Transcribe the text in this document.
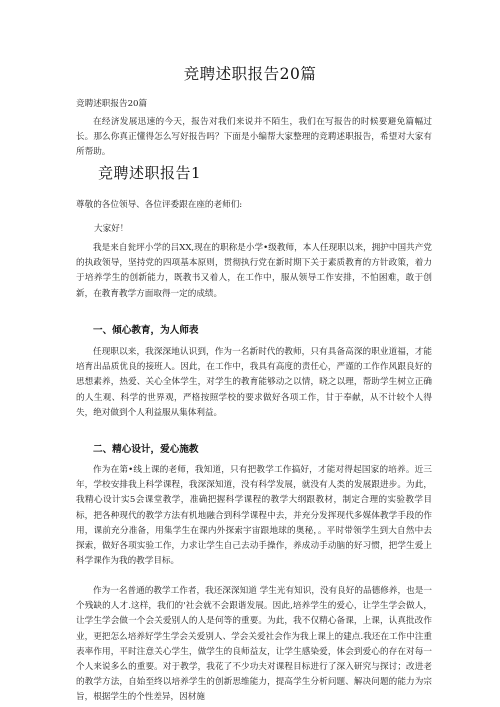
竞聘述职报告20篇
竞聘述职报告20篇
在经济发展迅速的今天，报告对我们来说并不陌生，我们在写报告的时候要避免篇幅过长。那么你真正懂得怎么写好报告吗？下面是小编帮大家整理的竞聘述职报告，希望对大家有所帮助。
竞聘述职报告1
尊敬的各位领导、各位评委跟在座的老师们:
大家好！
我是来自瓮坪小学的吕XX,现在的职称是小学•级教师，本人任现职以来，拥护中国共产党的执政领导，坚持党的四项基本原则，贯彻执行党在新时期下关于素质教育的方针政策，着力于培养学生的创新能力，既教书又着人，在工作中，服从领导工作安排，不怕困难，敢于创新，在教育教学方面取得一定的成绩。
一、倾心教育，为人师表
任现职以来，我深深地认识到，作为一名新时代的教师，只有具备高深的职业道福，才能培育出品质优良的接班人。因此，在工作中，我具有高度的责任心，严谨的工作作风跟良好的思想素养，热爱、关心全体学生，对学生的教育能够动之以情，晓之以理，帮助学生树立正确的人生观、科学的世界观，严格按照学校的要求做好各项工作，甘于奉献，从不计较个人得失，绝对做到个人利益服从集体利益。
二、精心设计，爱心施教
作为在第•线上课的老师，我知道，只有把教学工作搞好，才能对得起国家的培养。近三年，学校安排我上科学课程，我深深知道，没有科学发展，就没有人类的发展跟进步。为此，我精心设计实5会课堂教学，准确把握科学课程的教学大纲跟教材，制定合理的实验教学目标，把各种现代的教学方法有机地融合到科学课程中去，并充分发挥现代多媒体教学手段的作用，课前充分准备，用集学生在课内外探索宇宙跟地球的奥秘，。平时带领学生到大自然中去探索，做好各项实验工作，力求让学生自己去动手操作，养成动手动脑的好习惯，把学生爱上科学课作为我的教学目标。
作为一名普通的教学工作者，我还深深知道 学生光有知识，没有良好的品德修养，也是一个残缺的人才.这样，我们的'社会就不会跟谐发展。因此,培养学生的爱心，让学生学会做人，让学生学会做一个会关爱别人的人是何等的重要。为此，我不仅精心备课，上课，认真批改作业，更把怎么培养好学生学会关爱别人、学会关爱社会作为我上课上的建点.我还在工作中注重表率作用，平时注意关心学生，做学生的良师益友，让学生感染爱，体会到爱心的存在对每一个人来说多么的重要。对于教学，我花了不少功夫对课程目标进行了深入研究与探讨；改进老的教学方法，自始至终以培养学生的创新思维能力，提高学生分析问题、解决问题的能力为宗旨，根据学生的个性差异，因材施
